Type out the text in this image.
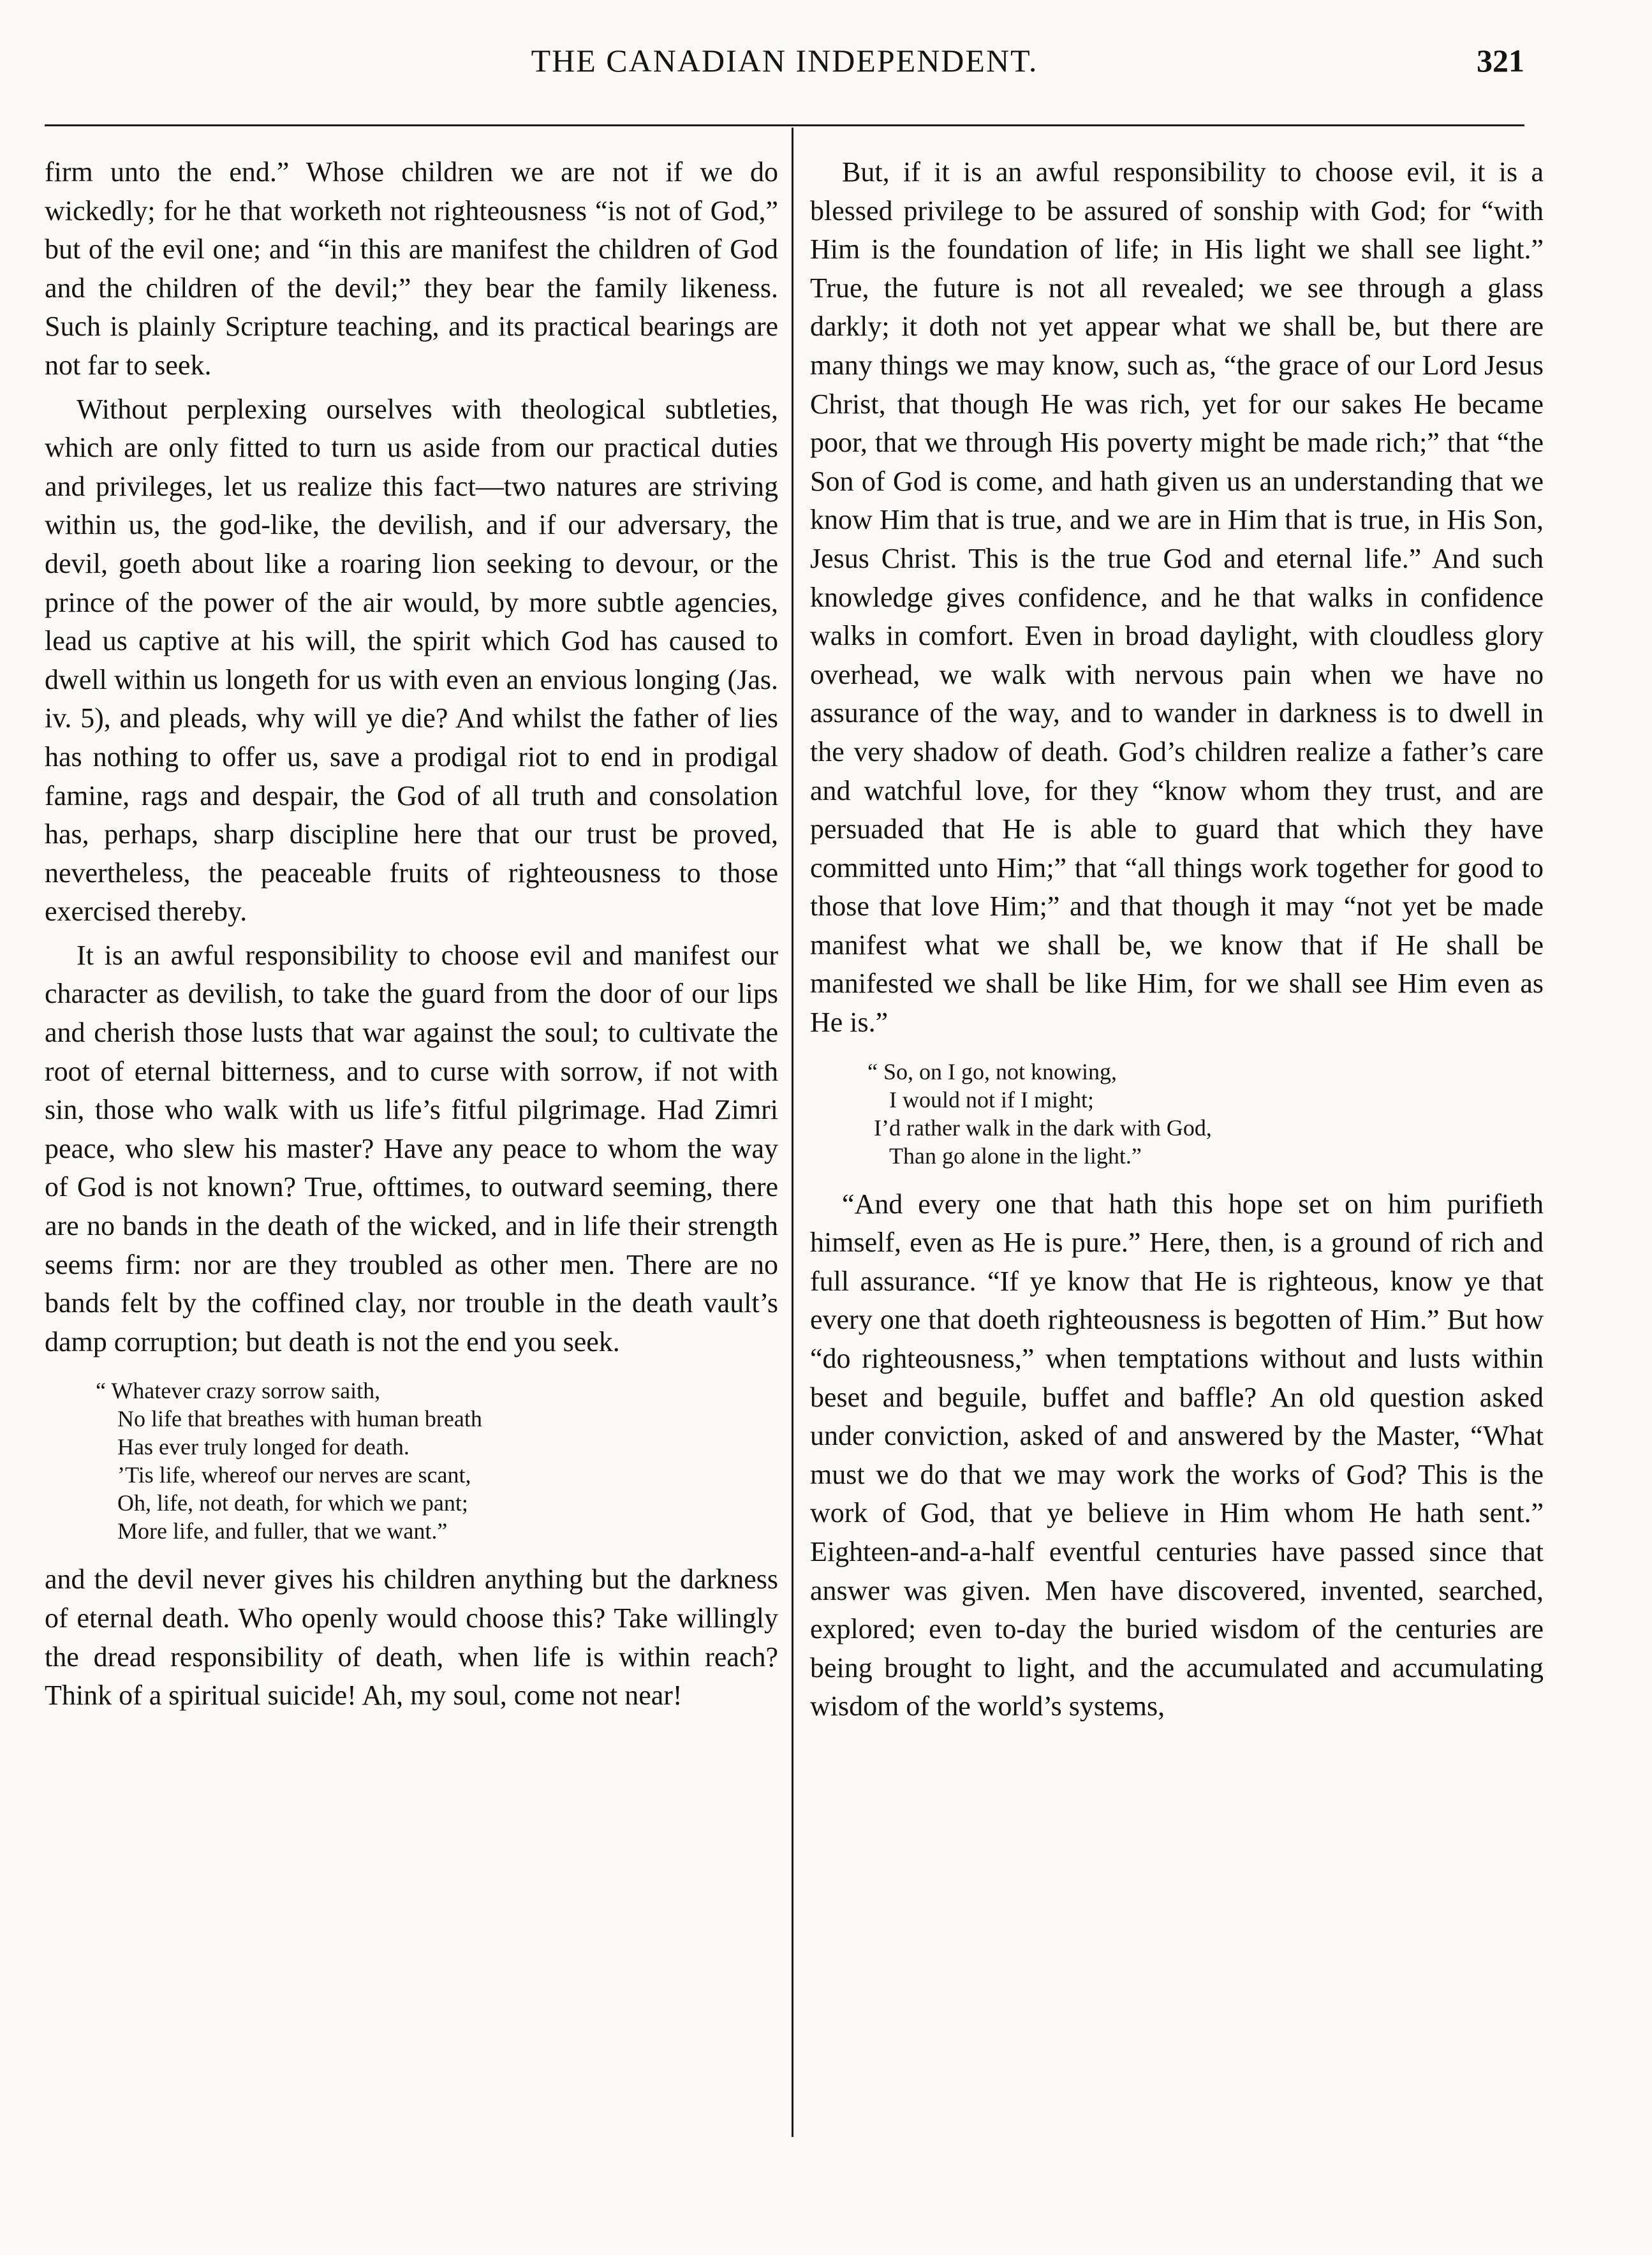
THE CANADIAN INDEPENDENT.	321

firm unto the end.” Whose children we are not if we do wickedly; for he that worketh not righteousness “is not of God,” but of the evil one; and “in this are manifest the children of God and the children of the devil;” they bear the family likeness. Such is plainly Scripture teaching, and its practical bearings are not far to seek.

Without perplexing ourselves with theological subtleties, which are only fitted to turn us aside from our practical duties and privileges, let us realize this fact—two natures are striving within us, the god-like, the devilish, and if our adversary, the devil, goeth about like a roaring lion seeking to devour, or the prince of the power of the air would, by more subtle agencies, lead us captive at his will, the spirit which God has caused to dwell within us longeth for us with even an envious longing (Jas. iv. 5), and pleads, why will ye die? And whilst the father of lies has nothing to offer us, save a prodigal riot to end in prodigal famine, rags and despair, the God of all truth and consolation has, perhaps, sharp discipline here that our trust be proved, nevertheless, the peaceable fruits of righteousness to those exercised thereby.

It is an awful responsibility to choose evil and manifest our character as devilish, to take the guard from the door of our lips and cherish those lusts that war against the soul; to cultivate the root of eternal bitterness, and to curse with sorrow, if not with sin, those who walk with us life’s fitful pilgrimage. Had Zimri peace, who slew his master? Have any peace to whom the way of God is not known? True, ofttimes, to outward seeming, there are no bands in the death of the wicked, and in life their strength seems firm: nor are they troubled as other men. There are no bands felt by the coffined clay, nor trouble in the death vault’s damp corruption; but death is not the end you seek.

“ Whatever crazy sorrow saith,
No life that breathes with human breath
Has ever truly longed for death.
’Tis life, whereof our nerves are scant,
Oh, life, not death, for which we pant;
More life, and fuller, that we want.”

and the devil never gives his children anything but the darkness of eternal death. Who openly would choose this? Take willingly the dread responsibility of death, when life is within reach? Think of a spiritual suicide! Ah, my soul, come not near!

But, if it is an awful responsibility to choose evil, it is a blessed privilege to be assured of sonship with God; for “with Him is the foundation of life; in His light we shall see light.” True, the future is not all revealed; we see through a glass darkly; it doth not yet appear what we shall be, but there are many things we may know, such as, “the grace of our Lord Jesus Christ, that though He was rich, yet for our sakes He became poor, that we through His poverty might be made rich;” that “the Son of God is come, and hath given us an understanding that we know Him that is true, and we are in Him that is true, in His Son, Jesus Christ. This is the true God and eternal life.” And such knowledge gives confidence, and he that walks in confidence walks in comfort. Even in broad daylight, with cloudless glory overhead, we walk with nervous pain when we have no assurance of the way, and to wander in darkness is to dwell in the very shadow of death. God’s children realize a father’s care and watchful love, for they “know whom they trust, and are persuaded that He is able to guard that which they have committed unto Him;” that “all things work together for good to those that love Him;” and that though it may “not yet be made manifest what we shall be, we know that if He shall be manifested we shall be like Him, for we shall see Him even as He is.”

“ So, on I go, not knowing,
I would not if I might;
I’d rather walk in the dark with God,
Than go alone in the light.”

“And every one that hath this hope set on him purifieth himself, even as He is pure.” Here, then, is a ground of rich and full assurance. “If ye know that He is righteous, know ye that every one that doeth righteousness is begotten of Him.” But how “do righteousness,” when temptations without and lusts within beset and beguile, buffet and baffle? An old question asked under conviction, asked of and answered by the Master, “What must we do that we may work the works of God? This is the work of God, that ye believe in Him whom He hath sent.” Eighteen-and-a-half eventful centuries have passed since that answer was given. Men have discovered, invented, searched, explored; even to-day the buried wisdom of the centuries are being brought to light, and the accumulated and accumulating wisdom of the world’s systems,
